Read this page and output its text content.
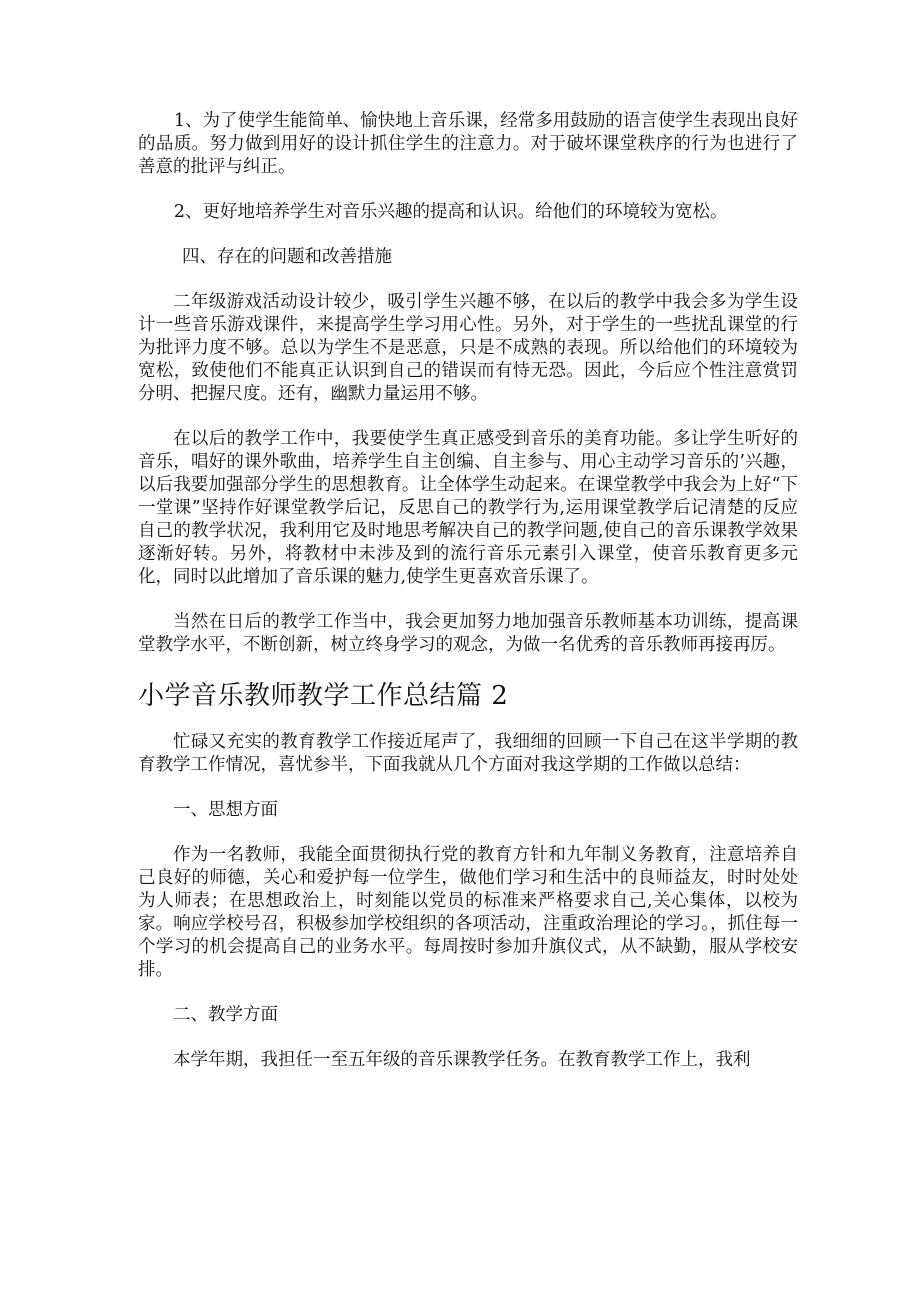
1、为了使学生能简单、愉快地上音乐课，经常多用鼓励的语言使学生表现出良好的品质。努力做到用好的设计抓住学生的注意力。对于破坏课堂秩序的行为也进行了善意的批评与纠正。

2、更好地培养学生对音乐兴趣的提高和认识。给他们的环境较为宽松。

四、存在的问题和改善措施

二年级游戏活动设计较少，吸引学生兴趣不够，在以后的教学中我会多为学生设计一些音乐游戏课件，来提高学生学习用心性。另外，对于学生的一些扰乱课堂的行为批评力度不够。总以为学生不是恶意，只是不成熟的表现。所以给他们的环境较为宽松，致使他们不能真正认识到自己的错误而有恃无恐。因此，今后应个性注意赏罚分明、把握尺度。还有，幽默力量运用不够。

在以后的教学工作中，我要使学生真正感受到音乐的美育功能。多让学生听好的音乐，唱好的课外歌曲，培养学生自主创编、自主参与、用心主动学习音乐的’兴趣，以后我要加强部分学生的思想教育。让全体学生动起来。在课堂教学中我会为上好“下一堂课”坚持作好课堂教学后记，反思自己的教学行为,运用课堂教学后记清楚的反应自己的教学状况，我利用它及时地思考解决自己的教学问题,使自己的音乐课教学效果逐渐好转。另外，将教材中未涉及到的流行音乐元素引入课堂，使音乐教育更多元化，同时以此增加了音乐课的魅力,使学生更喜欢音乐课了。

当然在日后的教学工作当中，我会更加努力地加强音乐教师基本功训练，提高课堂教学水平，不断创新，树立终身学习的观念，为做一名优秀的音乐教师再接再厉。

小学音乐教师教学工作总结篇 2

忙碌又充实的教育教学工作接近尾声了，我细细的回顾一下自己在这半学期的教育教学工作情况，喜忧参半，下面我就从几个方面对我这学期的工作做以总结：

一、思想方面

作为一名教师，我能全面贯彻执行党的教育方针和九年制义务教育，注意培养自己良好的师德，关心和爱护每一位学生，做他们学习和生活中的良师益友，时时处处为人师表；在思想政治上，时刻能以党员的标准来严格要求自己,关心集体，以校为家。响应学校号召，积极参加学校组织的各项活动，注重政治理论的学习。，抓住每一个学习的机会提高自己的业务水平。每周按时参加升旗仪式，从不缺勤，服从学校安排。

二、教学方面

本学年期，我担任一至五年级的音乐课教学任务。在教育教学工作上，我利
